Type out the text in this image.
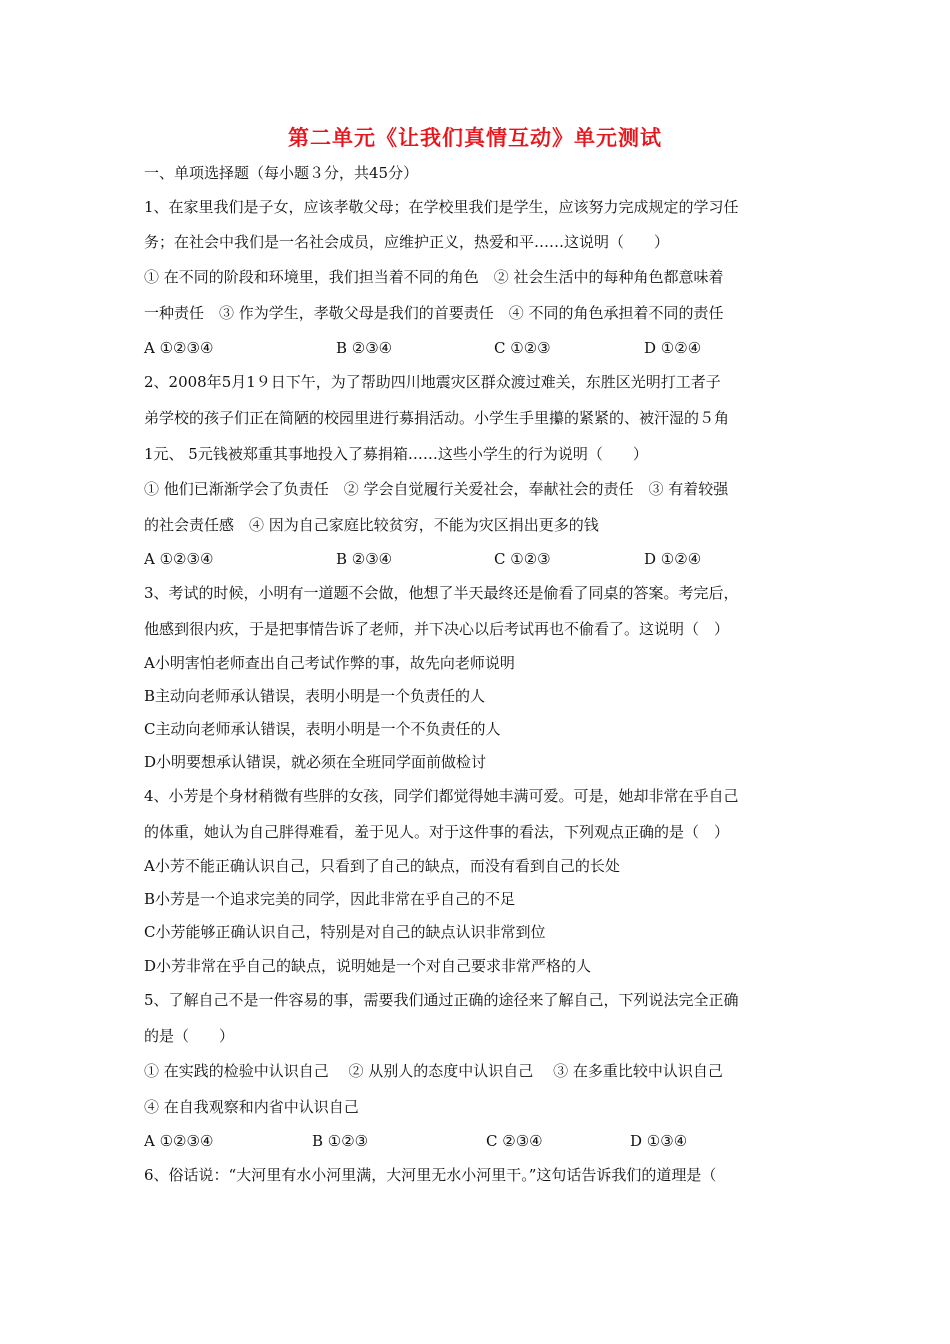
第二单元《让我们真情互动》单元测试
一、单项选择题（每小题３分，共45分）
1、在家里我们是子女，应该孝敬父母；在学校里我们是学生，应该努力完成规定的学习任
务；在社会中我们是一名社会成员，应维护正义，热爱和平……这说明（　　）
① 在不同的阶段和环境里，我们担当着不同的角色　② 社会生活中的每种角色都意味着
一种责任　③ 作为学生，孝敬父母是我们的首要责任　④ 不同的角色承担着不同的责任
A ①②③④	B ②③④	C ①②③	D ①②④
2、2008年5月1９日下午，为了帮助四川地震灾区群众渡过难关，东胜区光明打工者子
弟学校的孩子们正在简陋的校园里进行募捐活动。小学生手里攥的紧紧的、被汗湿的５角
1元、 5元钱被郑重其事地投入了募捐箱……这些小学生的行为说明（　　）
① 他们已渐渐学会了负责任　② 学会自觉履行关爱社会，奉献社会的责任　③ 有着较强
的社会责任感　④ 因为自己家庭比较贫穷，不能为灾区捐出更多的钱
A ①②③④	B ②③④	C ①②③	D ①②④
3、考试的时候，小明有一道题不会做，他想了半天最终还是偷看了同桌的答案。考完后，
他感到很内疚，于是把事情告诉了老师，并下决心以后考试再也不偷看了。这说明（　）
A小明害怕老师查出自己考试作弊的事，故先向老师说明
B主动向老师承认错误，表明小明是一个负责任的人
C主动向老师承认错误，表明小明是一个不负责任的人
D小明要想承认错误，就必须在全班同学面前做检讨
4、小芳是个身材稍微有些胖的女孩，同学们都觉得她丰满可爱。可是，她却非常在乎自己
的体重，她认为自己胖得难看，羞于见人。对于这件事的看法，下列观点正确的是（　）
A小芳不能正确认识自己，只看到了自己的缺点，而没有看到自己的长处
B小芳是一个追求完美的同学，因此非常在乎自己的不足
C小芳能够正确认识自己，特别是对自己的缺点认识非常到位
D小芳非常在乎自己的缺点，说明她是一个对自己要求非常严格的人
5、了解自己不是一件容易的事，需要我们通过正确的途径来了解自己，下列说法完全正确
的是（　　）
① 在实践的检验中认识自己　 ② 从别人的态度中认识自己　 ③ 在多重比较中认识自己
④ 在自我观察和内省中认识自己
A ①②③④	B ①②③	C ②③④	D ①③④
6、俗话说：“大河里有水小河里满，大河里无水小河里干。”这句话告诉我们的道理是（
